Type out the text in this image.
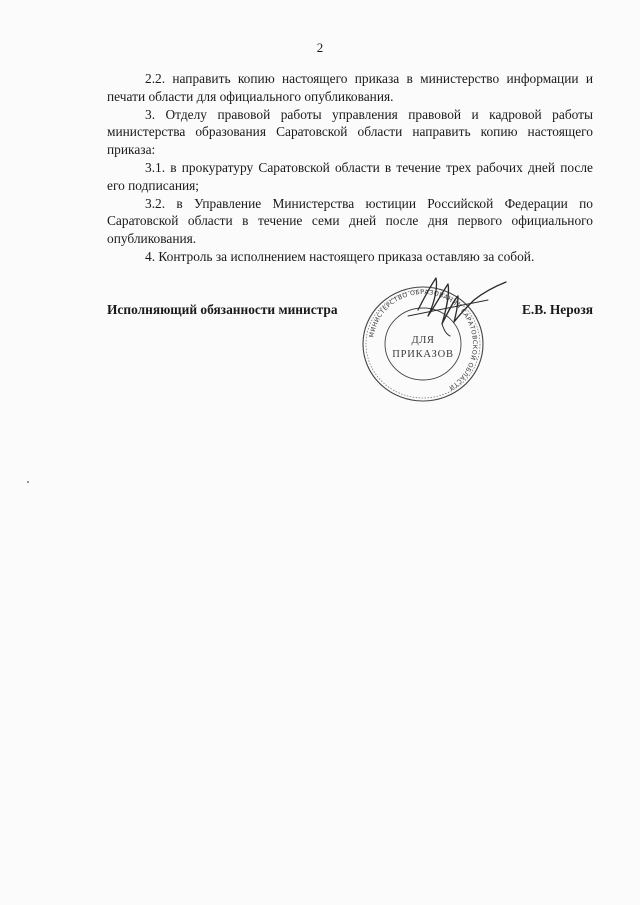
2

2.2. направить копию настоящего приказа в министерство информации и печати области для официального опубликования.

3. Отделу правовой работы управления правовой и кадровой работы министерства образования Саратовской области направить копию настоящего приказа:

3.1. в прокуратуру Саратовской области в течение трех рабочих дней после его подписания;

3.2. в Управление Министерства юстиции Российской Федерации по Саратовской области в течение семи дней после дня первого официального опубликования.

4. Контроль за исполнением настоящего приказа оставляю за собой.

Исполняющий обязанности министра	Е.В. Нерозя
МИНИСТЕРСТВО ОБРАЗОВАНИЯ САРАТОВСКОЙ ОБЛАСТИ
ДЛЯ
ПРИКАЗОВ
